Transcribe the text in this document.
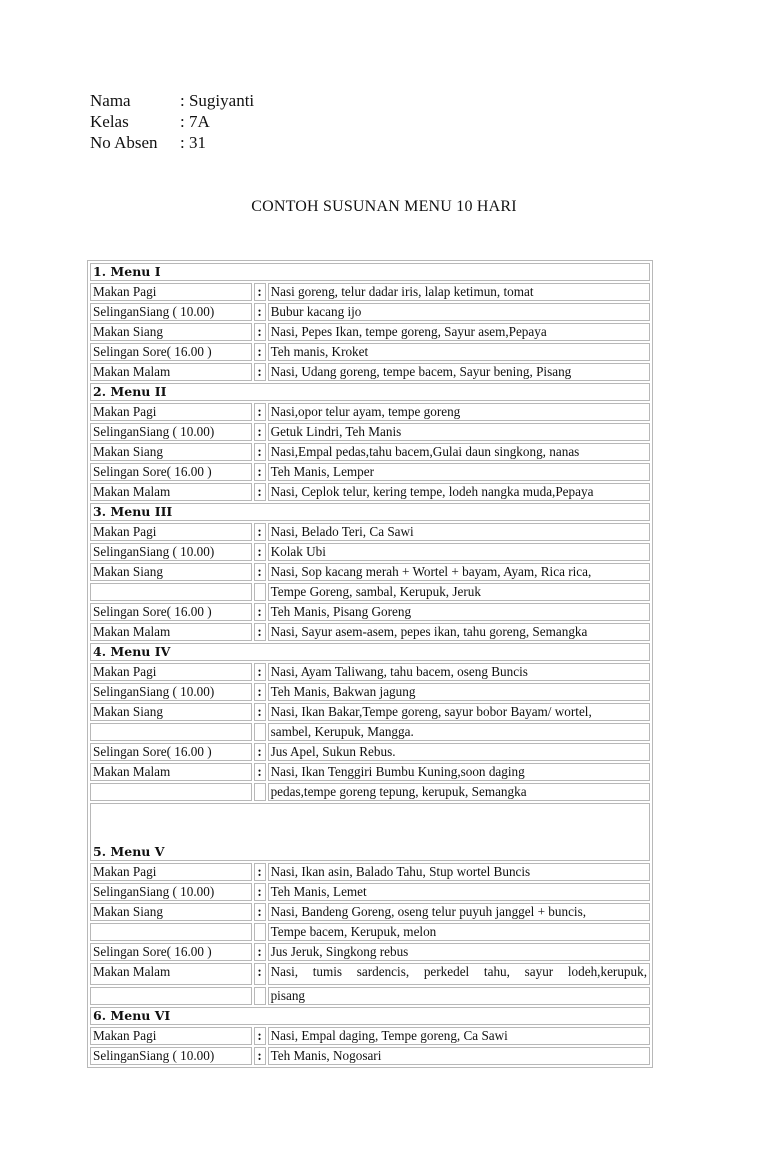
Nama	: Sugiyanti
Kelas	: 7A
No Absen	: 31
CONTOH SUSUNAN MENU 10 HARI
1. Menu I		
Makan Pagi	:	Nasi goreng, telur dadar iris, lalap ketimun, tomat
SelinganSiang ( 10.00)	:	Bubur kacang ijo
Makan Siang	:	Nasi, Pepes Ikan, tempe goreng, Sayur asem,Pepaya
Selingan Sore( 16.00 )	:	Teh manis, Kroket
Makan Malam	:	Nasi, Udang goreng, tempe bacem, Sayur bening, Pisang
2. Menu II		
Makan Pagi	:	Nasi,opor telur ayam, tempe goreng
SelinganSiang ( 10.00)	:	Getuk Lindri, Teh Manis
Makan Siang	:	Nasi,Empal pedas,tahu bacem,Gulai daun singkong, nanas
Selingan Sore( 16.00 )	:	Teh Manis, Lemper
Makan Malam	:	Nasi, Ceplok telur, kering tempe, lodeh nangka muda,Pepaya
3. Menu III		
Makan Pagi	:	Nasi, Belado Teri, Ca Sawi
SelinganSiang ( 10.00)	:	Kolak Ubi
Makan Siang	:	Nasi, Sop kacang merah + Wortel + bayam, Ayam, Rica rica,
		Tempe Goreng, sambal, Kerupuk, Jeruk
Selingan Sore( 16.00 )	:	Teh Manis, Pisang Goreng
Makan Malam	:	Nasi, Sayur asem-asem, pepes ikan, tahu goreng, Semangka
4. Menu IV		
Makan Pagi	:	Nasi, Ayam Taliwang, tahu bacem, oseng Buncis
SelinganSiang ( 10.00)	:	Teh Manis, Bakwan jagung
Makan Siang	:	Nasi, Ikan Bakar,Tempe goreng, sayur bobor Bayam/ wortel,
		sambel, Kerupuk, Mangga.
Selingan Sore( 16.00 )	:	Jus Apel, Sukun Rebus.
Makan Malam	:	Nasi, Ikan Tenggiri Bumbu Kuning,soon daging
		pedas,tempe goreng tepung, kerupuk, Semangka
5. Menu V		
Makan Pagi	:	Nasi, Ikan asin, Balado Tahu, Stup wortel Buncis
SelinganSiang ( 10.00)	:	Teh Manis, Lemet
Makan Siang	:	Nasi, Bandeng Goreng, oseng telur puyuh janggel + buncis,
		Tempe bacem, Kerupuk, melon
Selingan Sore( 16.00 )	:	Jus Jeruk, Singkong rebus
Makan Malam	:	Nasi, tumis sardencis, perkedel tahu, sayur lodeh,kerupuk,
		pisang
6. Menu VI		
Makan Pagi	:	Nasi, Empal daging, Tempe goreng, Ca Sawi
SelinganSiang ( 10.00)	:	Teh Manis, Nogosari
